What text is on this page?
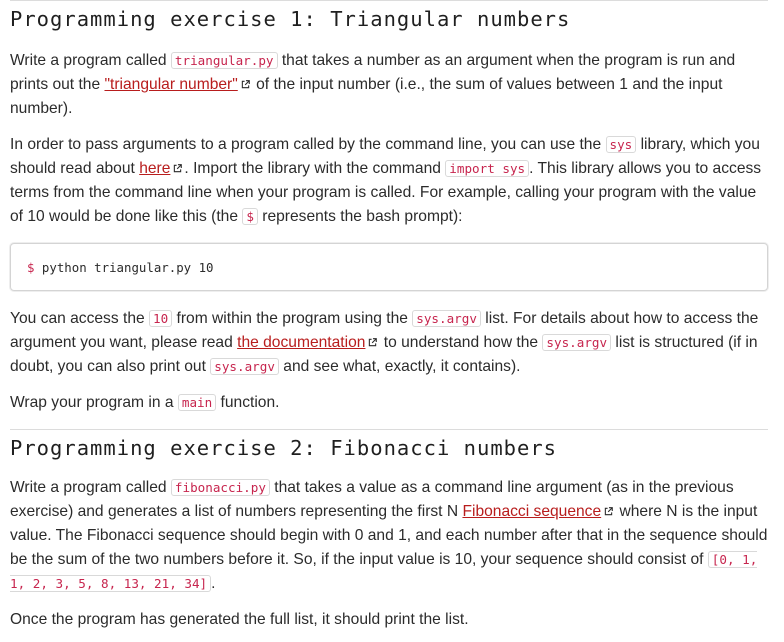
Programming exercise 1: Triangular numbers

Write a program called triangular.py that takes a number as an argument when the program is run and prints out the "triangular number" of the input number (i.e., the sum of values between 1 and the input number).

In order to pass arguments to a program called by the command line, you can use the sys library, which you should read about here . Import the library with the command import sys . This library allows you to access terms from the command line when your program is called. For example, calling your program with the value of 10 would be done like this (the $ represents the bash prompt):

$ python triangular.py 10

You can access the 10 from within the program using the sys.argv list. For details about how to access the argument you want, please read the documentation to understand how the sys.argv list is structured (if in doubt, you can also print out sys.argv and see what, exactly, it contains).

Wrap your program in a main function.

Programming exercise 2: Fibonacci numbers

Write a program called fibonacci.py that takes a value as a command line argument (as in the previous exercise) and generates a list of numbers representing the first N Fibonacci sequence where N is the input value. The Fibonacci sequence should begin with 0 and 1, and each number after that in the sequence should be the sum of the two numbers before it. So, if the input value is 10, your sequence should consist of [0, 1, 1, 2, 3, 5, 8, 13, 21, 34] .

Once the program has generated the full list, it should print the list.
